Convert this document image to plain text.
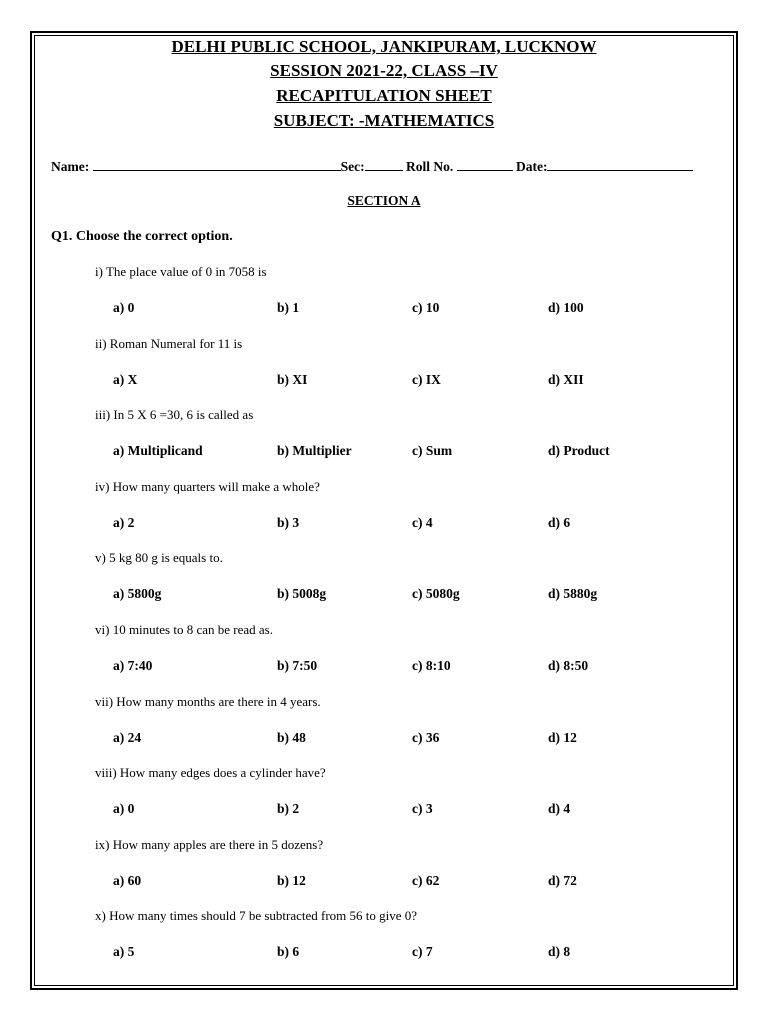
DELHI PUBLIC SCHOOL, JANKIPURAM, LUCKNOW
SESSION 2021-22, CLASS –IV
RECAPITULATION SHEET
SUBJECT: -MATHEMATICS
Name:	Sec:	Roll No.	Date:
SECTION A
Q1. Choose the correct option.
i) The place value of 0 in 7058 is
a) 0	b) 1	c) 10	d) 100
ii) Roman Numeral for 11 is
a) X	b) XI	c) IX	d) XII
iii) In 5 X 6 =30, 6 is called as
a) Multiplicand	b) Multiplier	c) Sum	d) Product
iv) How many quarters will make a whole?
a) 2	b) 3	c) 4	d) 6
v) 5 kg 80 g is equals to.
a) 5800g	b) 5008g	c) 5080g	d) 5880g
vi) 10 minutes to 8 can be read as.
a) 7:40	b) 7:50	c) 8:10	d) 8:50
vii) How many months are there in 4 years.
a) 24	b) 48	c) 36	d) 12
viii) How many edges does a cylinder have?
a) 0	b) 2	c) 3	d) 4
ix) How many apples are there in 5 dozens?
a) 60	b) 12	c) 62	d) 72
x) How many times should 7 be subtracted from 56 to give 0?
a) 5	b) 6	c) 7	d) 8
